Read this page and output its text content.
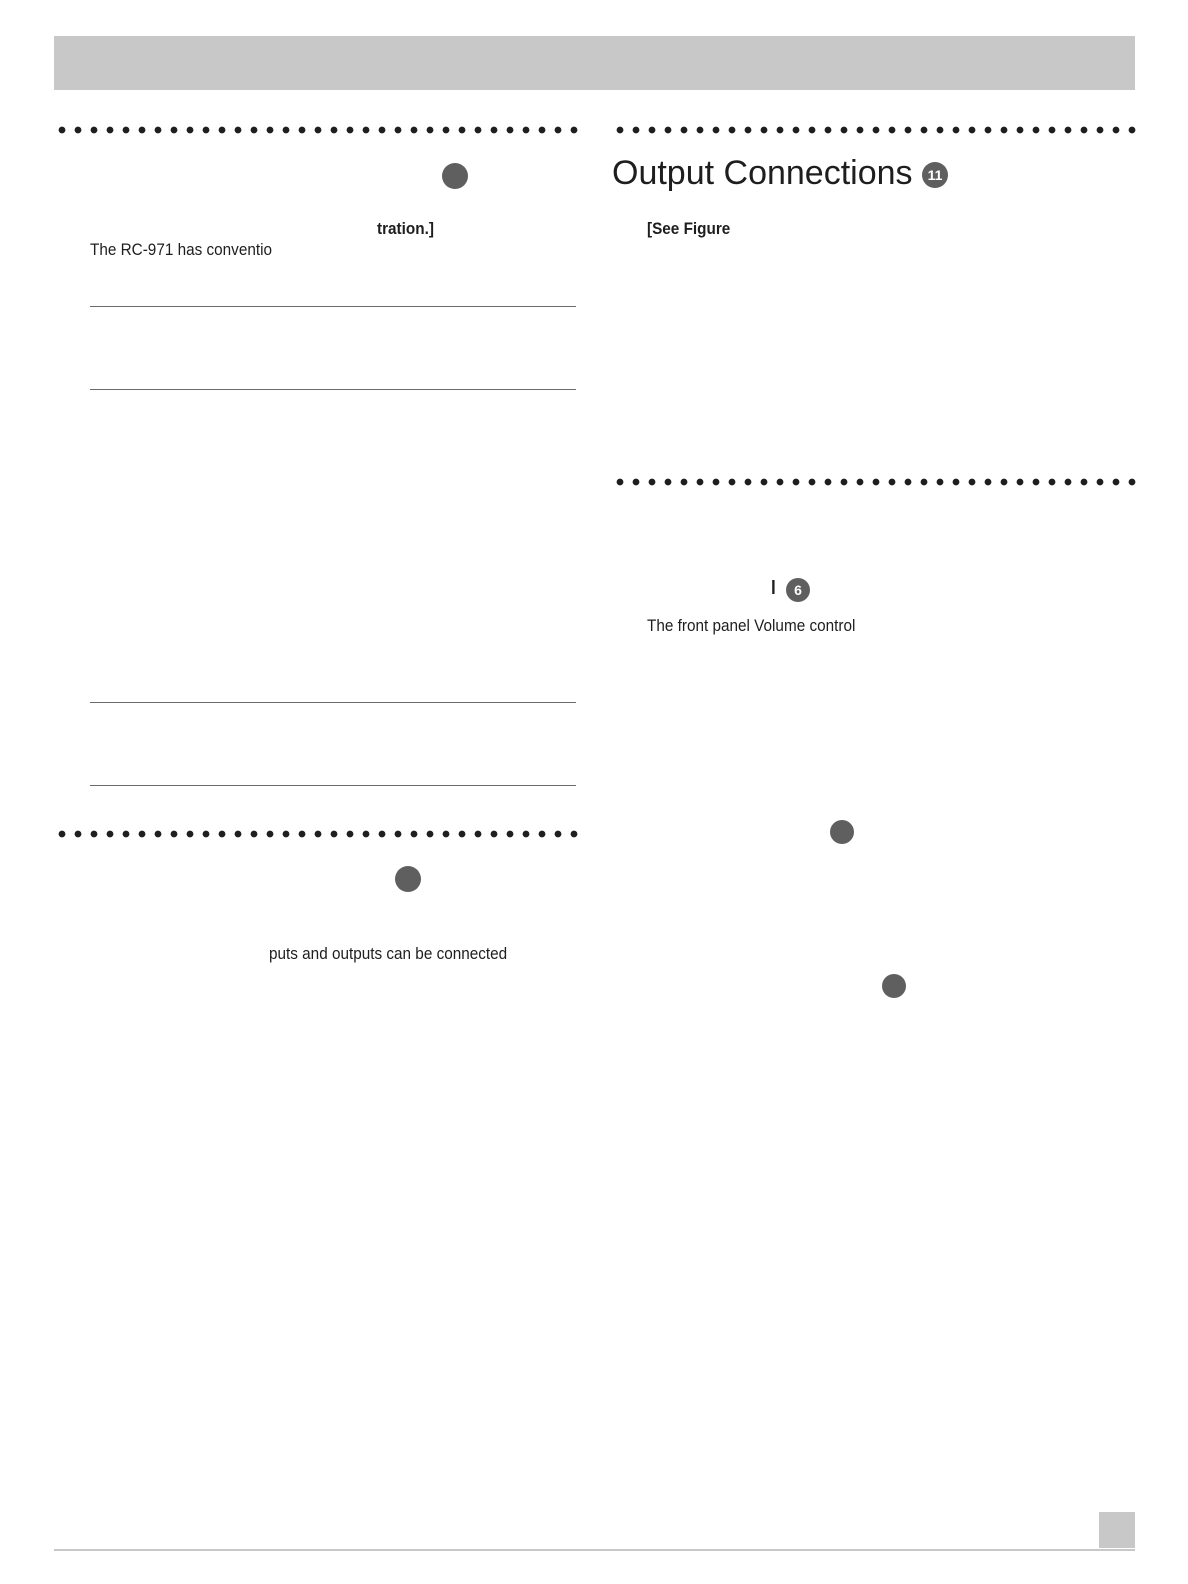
tration.]
The RC-971 has conventio
puts and outputs can be connected
Output Connections	11
[See Figure
l	6
The front panel Volume control
